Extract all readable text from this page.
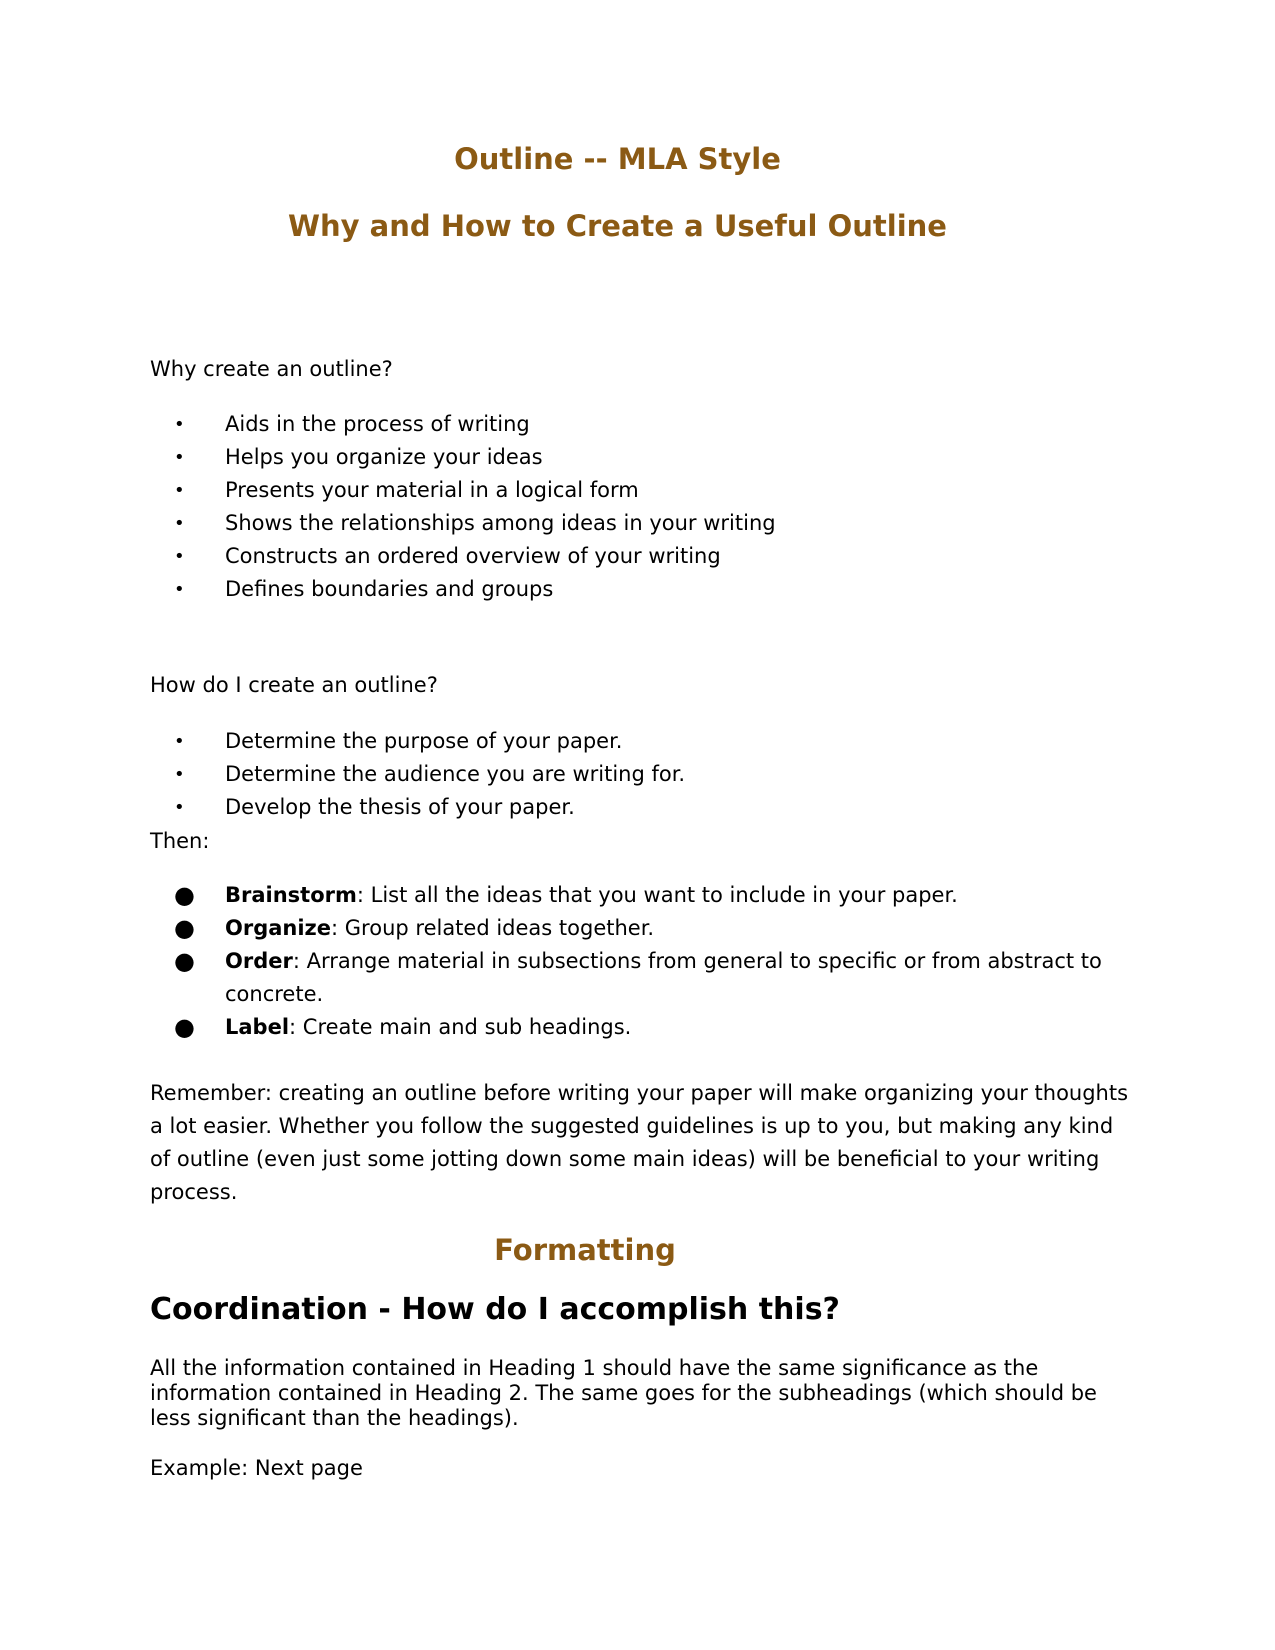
Outline -- MLA Style
Why and How to Create a Useful Outline

Why create an outline?

• Aids in the process of writing
• Helps you organize your ideas
• Presents your material in a logical form
• Shows the relationships among ideas in your writing
• Constructs an ordered overview of your writing
• Defines boundaries and groups

How do I create an outline?

• Determine the purpose of your paper.
• Determine the audience you are writing for.
• Develop the thesis of your paper.

Then:

● Brainstorm: List all the ideas that you want to include in your paper.
● Organize: Group related ideas together.
● Order: Arrange material in subsections from general to specific or from abstract to concrete.
● Label: Create main and sub headings.

Remember: creating an outline before writing your paper will make organizing your thoughts a lot easier. Whether you follow the suggested guidelines is up to you, but making any kind of outline (even just some jotting down some main ideas) will be beneficial to your writing process.

Formatting
Coordination - How do I accomplish this?

All the information contained in Heading 1 should have the same significance as the information contained in Heading 2. The same goes for the subheadings (which should be less significant than the headings).

Example: Next page
